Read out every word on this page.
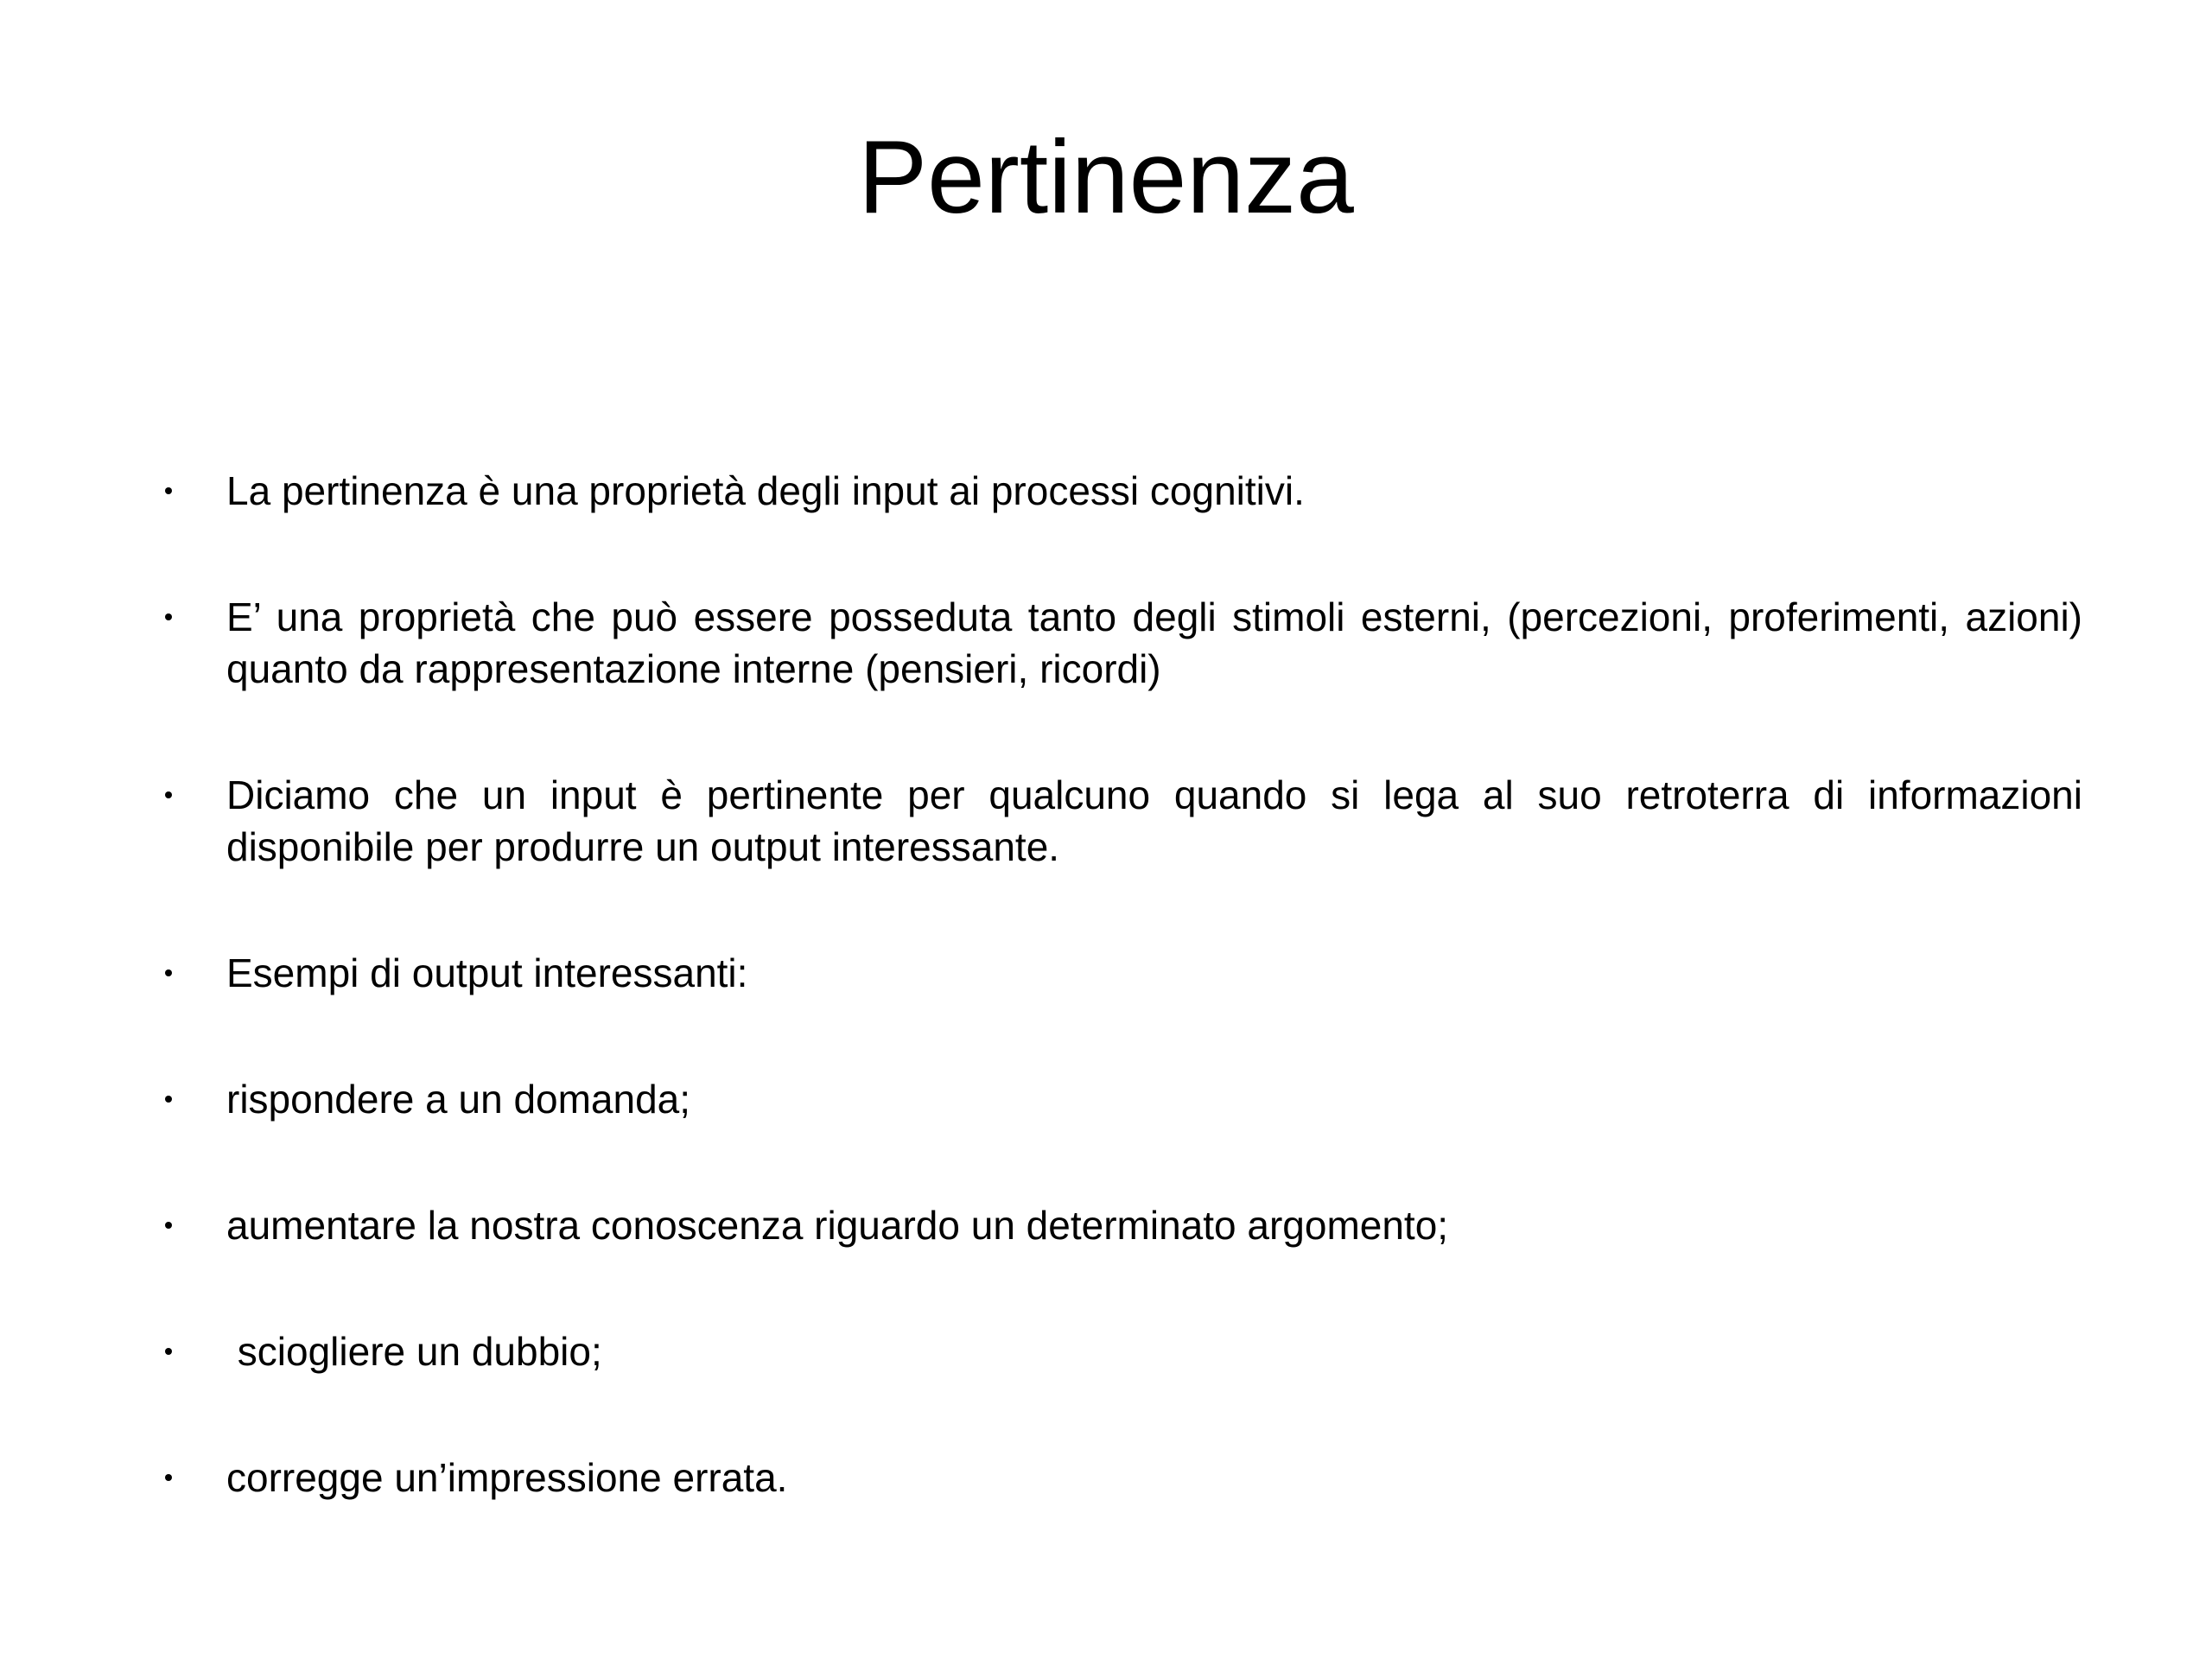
Pertinenza
La pertinenza è una proprietà degli input ai processi cognitivi.
E’ una proprietà che può essere posseduta tanto degli stimoli esterni, (percezioni, proferimenti, azioni) quanto da rappresentazione interne (pensieri, ricordi)
Diciamo che un input è pertinente per qualcuno quando si lega al suo retroterra di informazioni disponibile per produrre un output interessante.
Esempi di output interessanti:
rispondere a un domanda;
aumentare la nostra conoscenza riguardo un determinato argomento;
sciogliere un dubbio;
corregge un’impressione errata.
